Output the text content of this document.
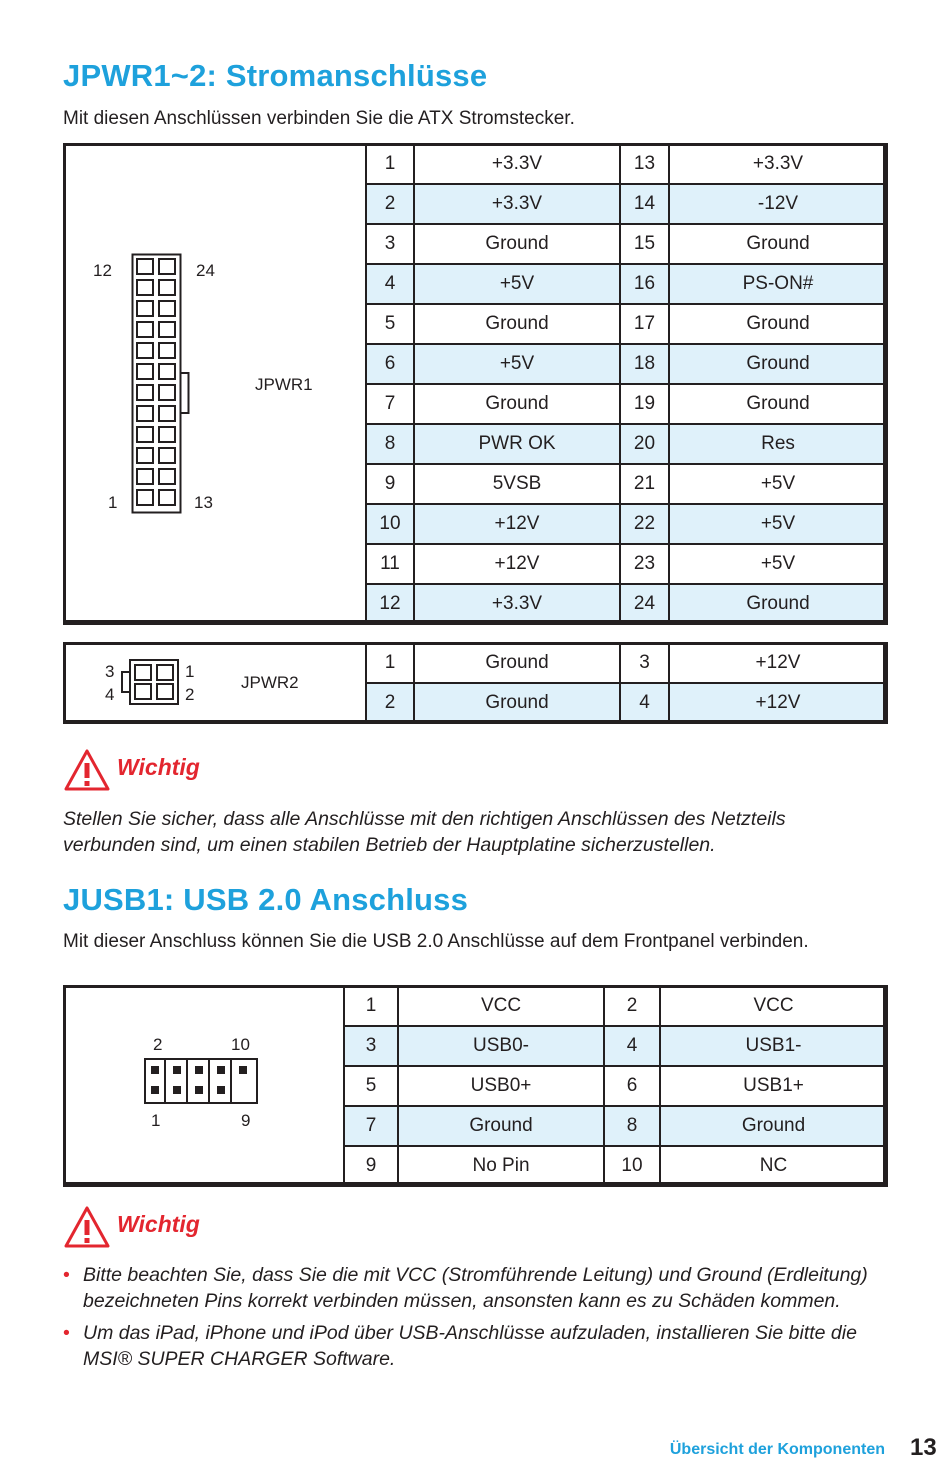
JPWR1~2: Stromanschlüsse

Mit diesen Anschlüssen verbinden Sie die ATX Stromstecker.

	1	+3.3V	13	+3.3V
	2	+3.3V	14	-12V
	3	Ground	15	Ground
	4	+5V	16	PS-ON#
	5	Ground	17	Ground
	6	+5V	18	Ground
	7	Ground	19	Ground
	8	PWR OK	20	Res
	9	5VSB	21	+5V
	10	+12V	22	+5V
	11	+12V	23	+5V
	12	+3.3V	24	Ground
12	24
1	13
JPWR1
	1	Ground	3	+12V
	2	Ground	4	+12V
3
4
1
2
JPWR2
Wichtig

Stellen Sie sicher, dass alle Anschlüsse mit den richtigen Anschlüssen des Netzteils verbunden sind, um einen stabilen Betrieb der Hauptplatine sicherzustellen.

JUSB1: USB 2.0 Anschluss

Mit dieser Anschluss können Sie die USB 2.0 Anschlüsse auf dem Frontpanel verbinden.

	1	VCC	2	VCC
	3	USB0-	4	USB1-
	5	USB0+	6	USB1+
	7	Ground	8	Ground
	9	No Pin	10	NC
2	10
1	9
Wichtig
• Bitte beachten Sie, dass Sie die mit VCC (Stromführende Leitung) und Ground (Erdleitung) bezeichneten Pins korrekt verbinden müssen, ansonsten kann es zu Schäden kommen.
• Um das iPad, iPhone und iPod über USB-Anschlüsse aufzuladen, installieren Sie bitte die MSI® SUPER CHARGER Software.
Übersicht der Komponenten 13
